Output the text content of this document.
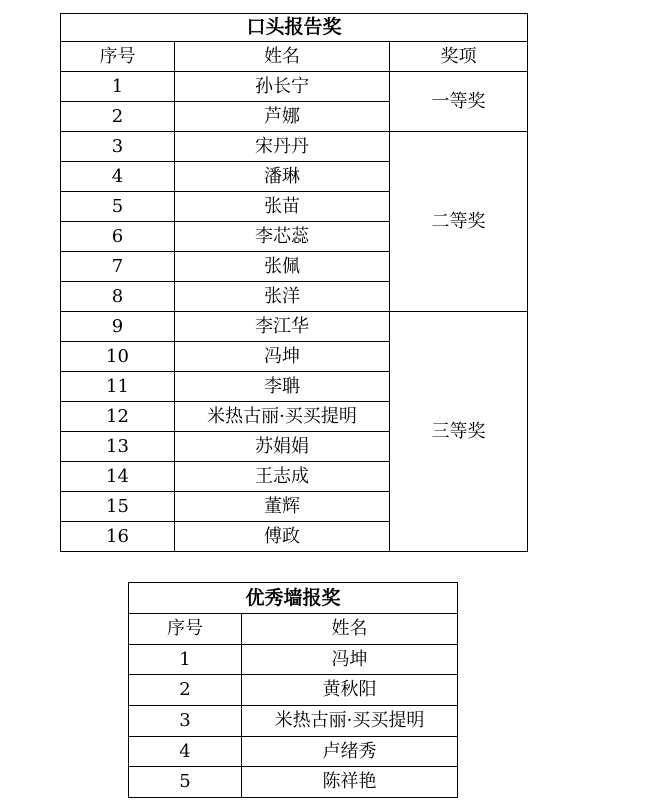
口头报告奖		
序号	姓名	奖项
1	孙长宁	一等奖
2	芦娜	
3	宋丹丹	二等奖
4	潘琳	
5	张苗	
6	李芯蕊	
7	张佩	
8	张洋	
9	李江华	三等奖
10	冯坤	
11	李聃	
12	米热古丽·买买提明	
13	苏娟娟	
14	王志成	
15	董辉	
16	傅政	
优秀墙报奖	
序号	姓名
1	冯坤
2	黄秋阳
3	米热古丽·买买提明
4	卢绪秀
5	陈祥艳
